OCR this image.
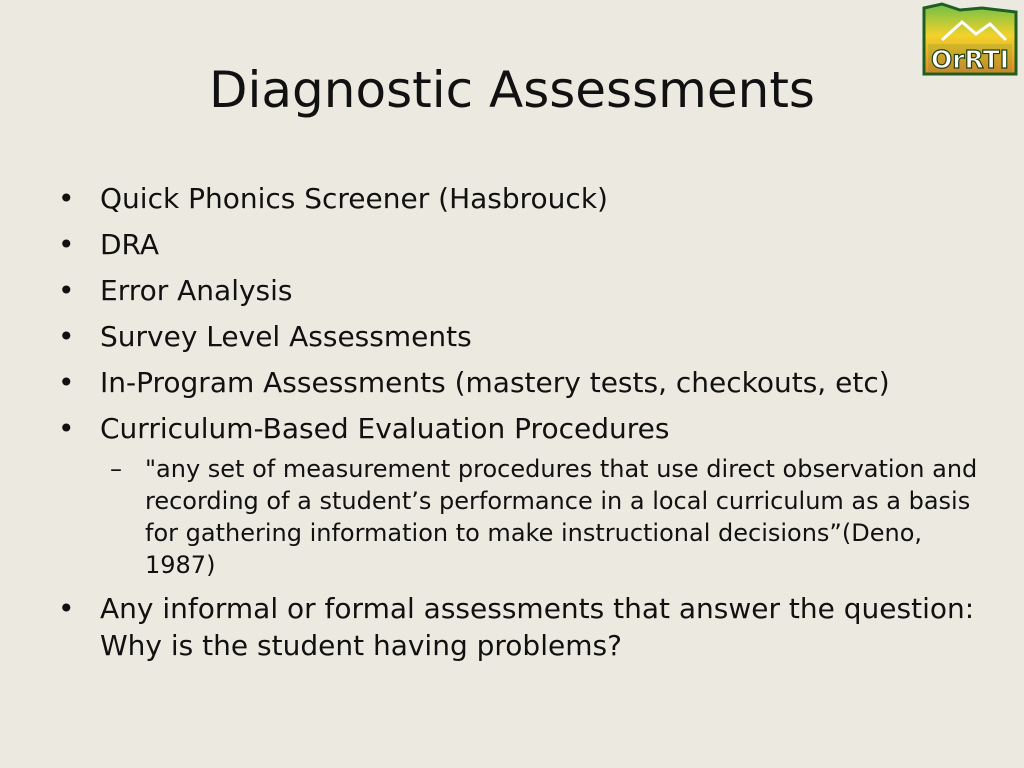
OrRTI
Diagnostic Assessments
• Quick Phonics Screener (Hasbrouck)
• DRA
• Error Analysis
• Survey Level Assessments
• In-Program Assessments (mastery tests, checkouts, etc)
• Curriculum-Based Evaluation Procedures
– "any set of measurement procedures that use direct observation and recording of a student’s performance in a local curriculum as a basis for gathering information to make instructional decisions”(Deno, 1987)
• Any informal or formal assessments that answer the question: Why is the student having problems?
